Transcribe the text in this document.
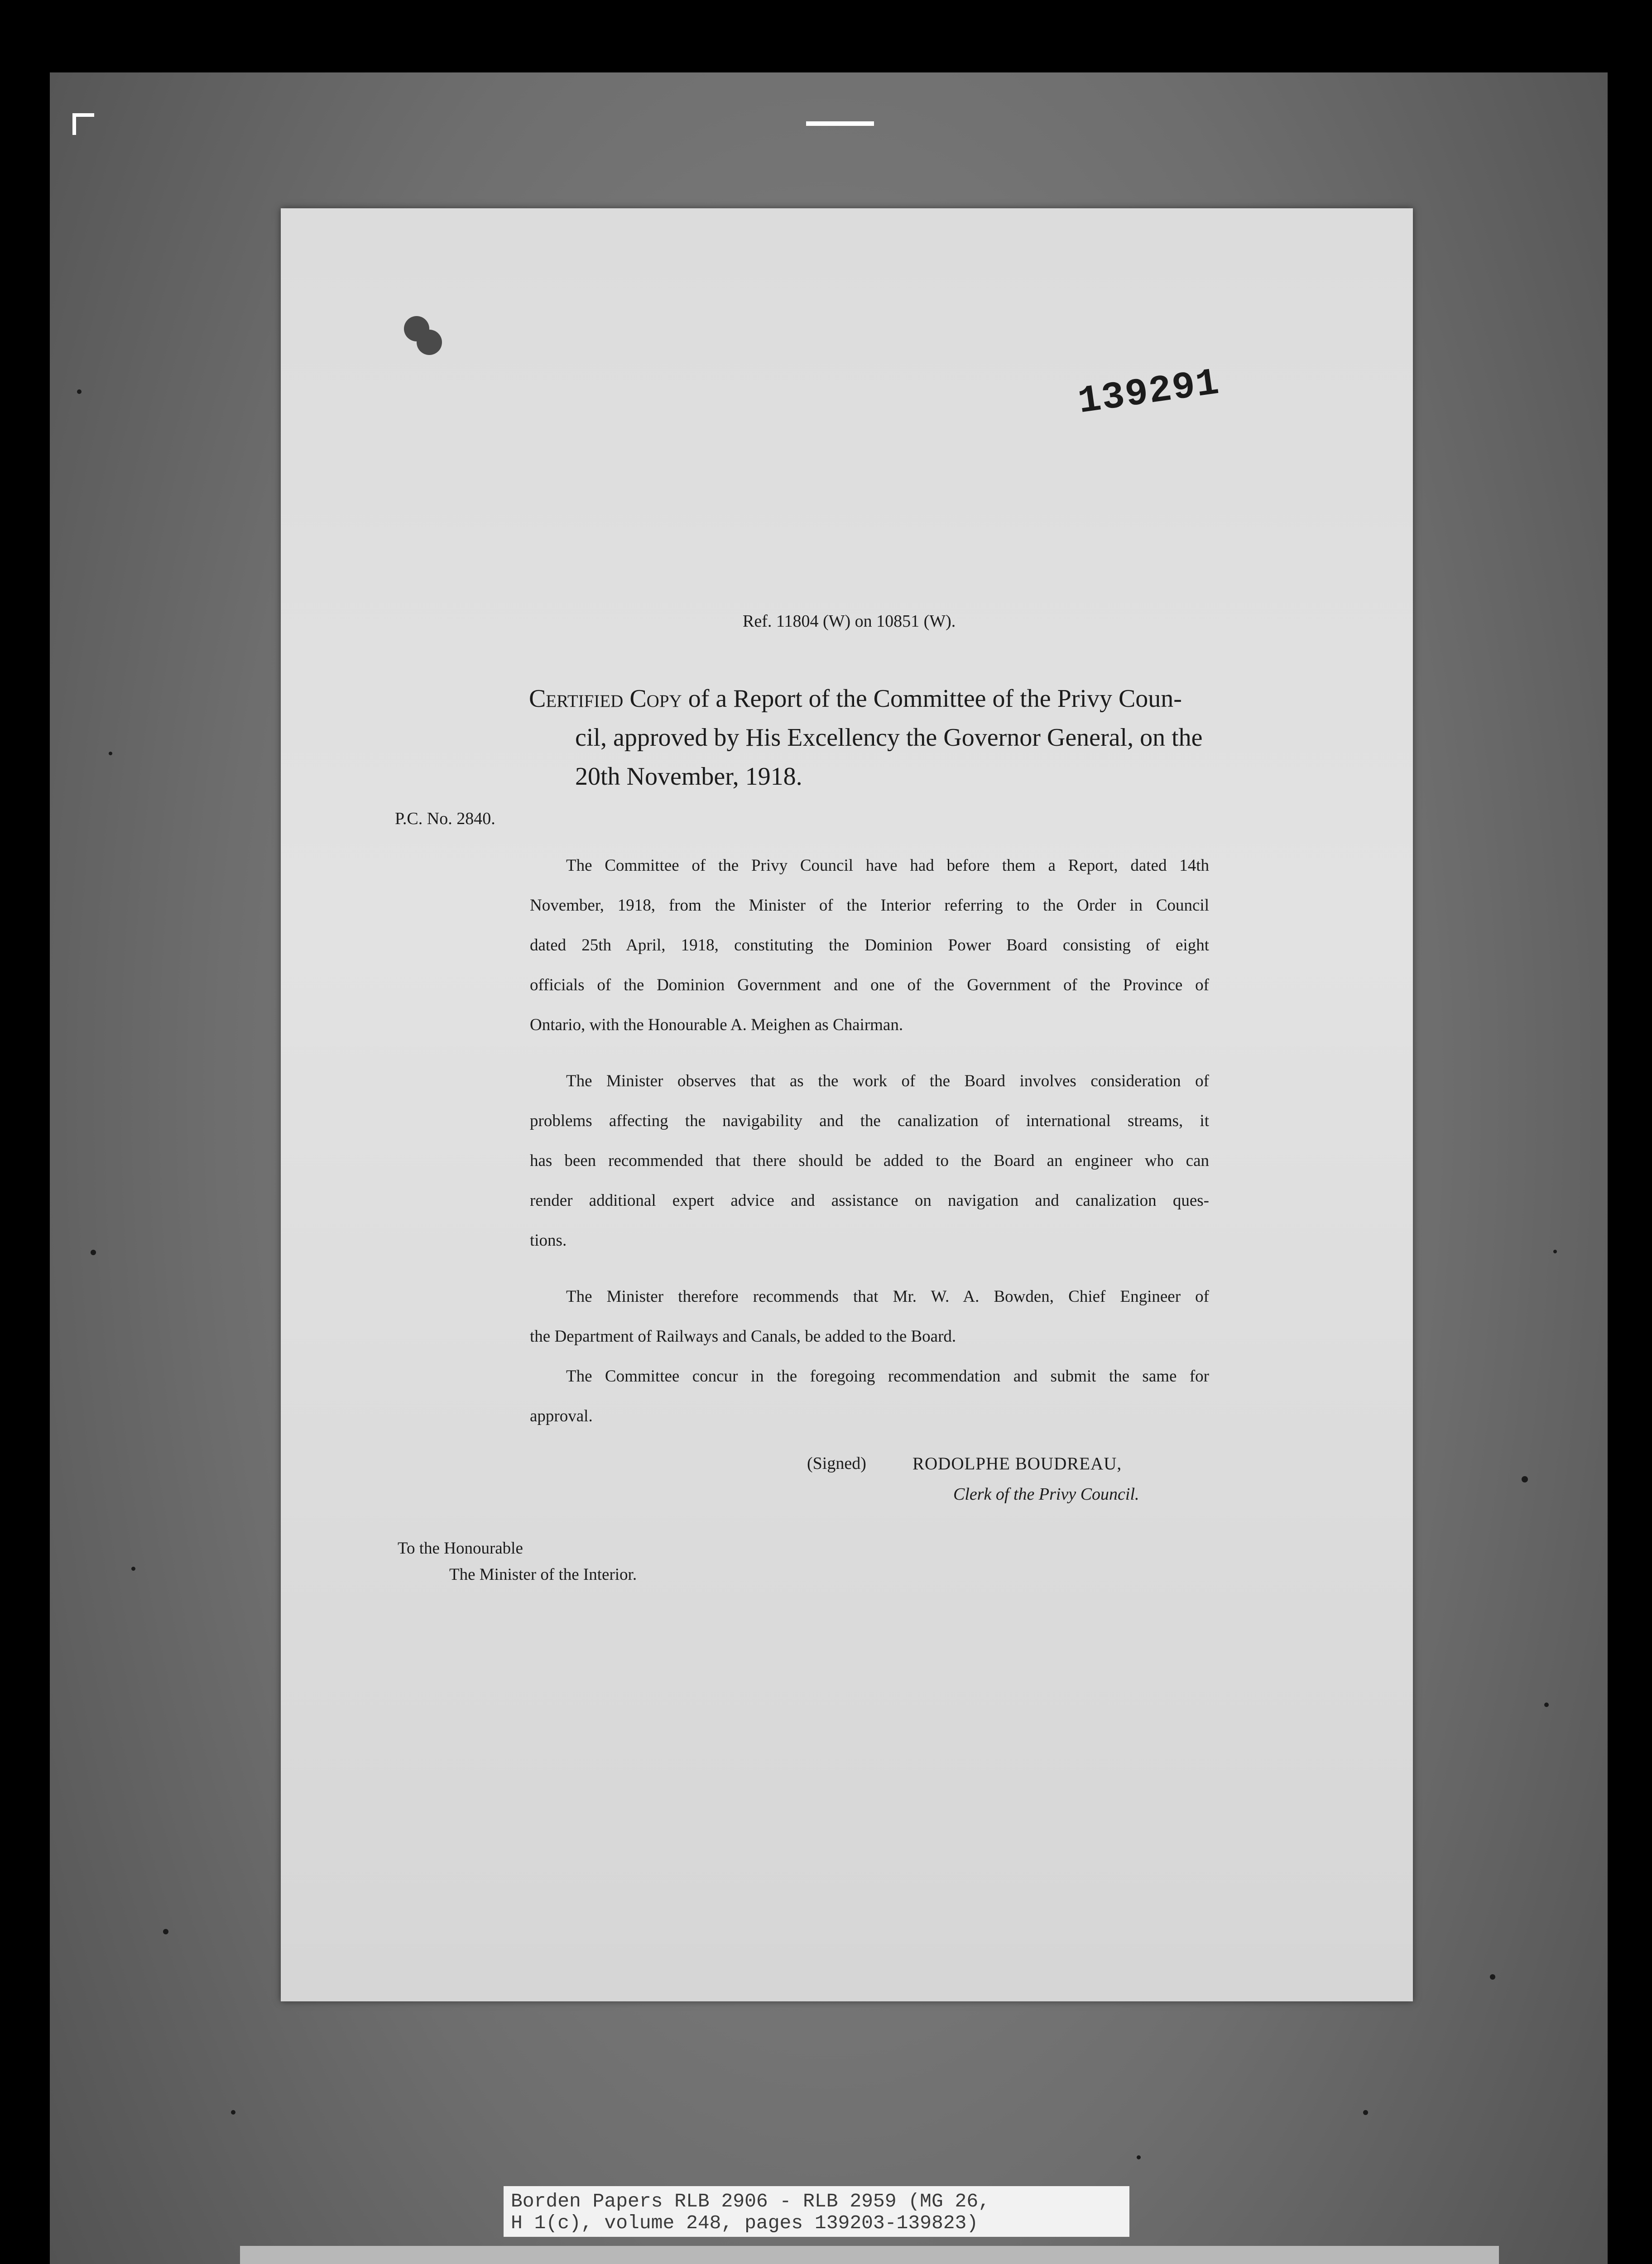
139291
Ref. 11804 (W) on 10851 (W).
Certified Copy of a Report of the Committee of the Privy Coun-
cil, approved by His Excellency the Governor General, on the
20th November, 1918.
P.C. No. 2840.
The Committee of the Privy Council have had before them a Report, dated 14th
November, 1918, from the Minister of the Interior referring to the Order in Council
dated 25th April, 1918, constituting the Dominion Power Board consisting of eight
officials of the Dominion Government and one of the Government of the Province of
Ontario, with the Honourable A. Meighen as Chairman.
The Minister observes that as the work of the Board involves consideration of
problems affecting the navigability and the canalization of international streams, it
has been recommended that there should be added to the Board an engineer who can
render additional expert advice and assistance on navigation and canalization ques-
tions.
The Minister therefore recommends that Mr. W. A. Bowden, Chief Engineer of
the Department of Railways and Canals, be added to the Board.
The Committee concur in the foregoing recommendation and submit the same for
approval.
(Signed)	RODOLPHE BOUDREAU,
Clerk of the Privy Council.
To the Honourable
The Minister of the Interior.
Borden Papers RLB 2906 - RLB 2959 (MG 26,
H 1(c), volume 248, pages 139203-139823)
